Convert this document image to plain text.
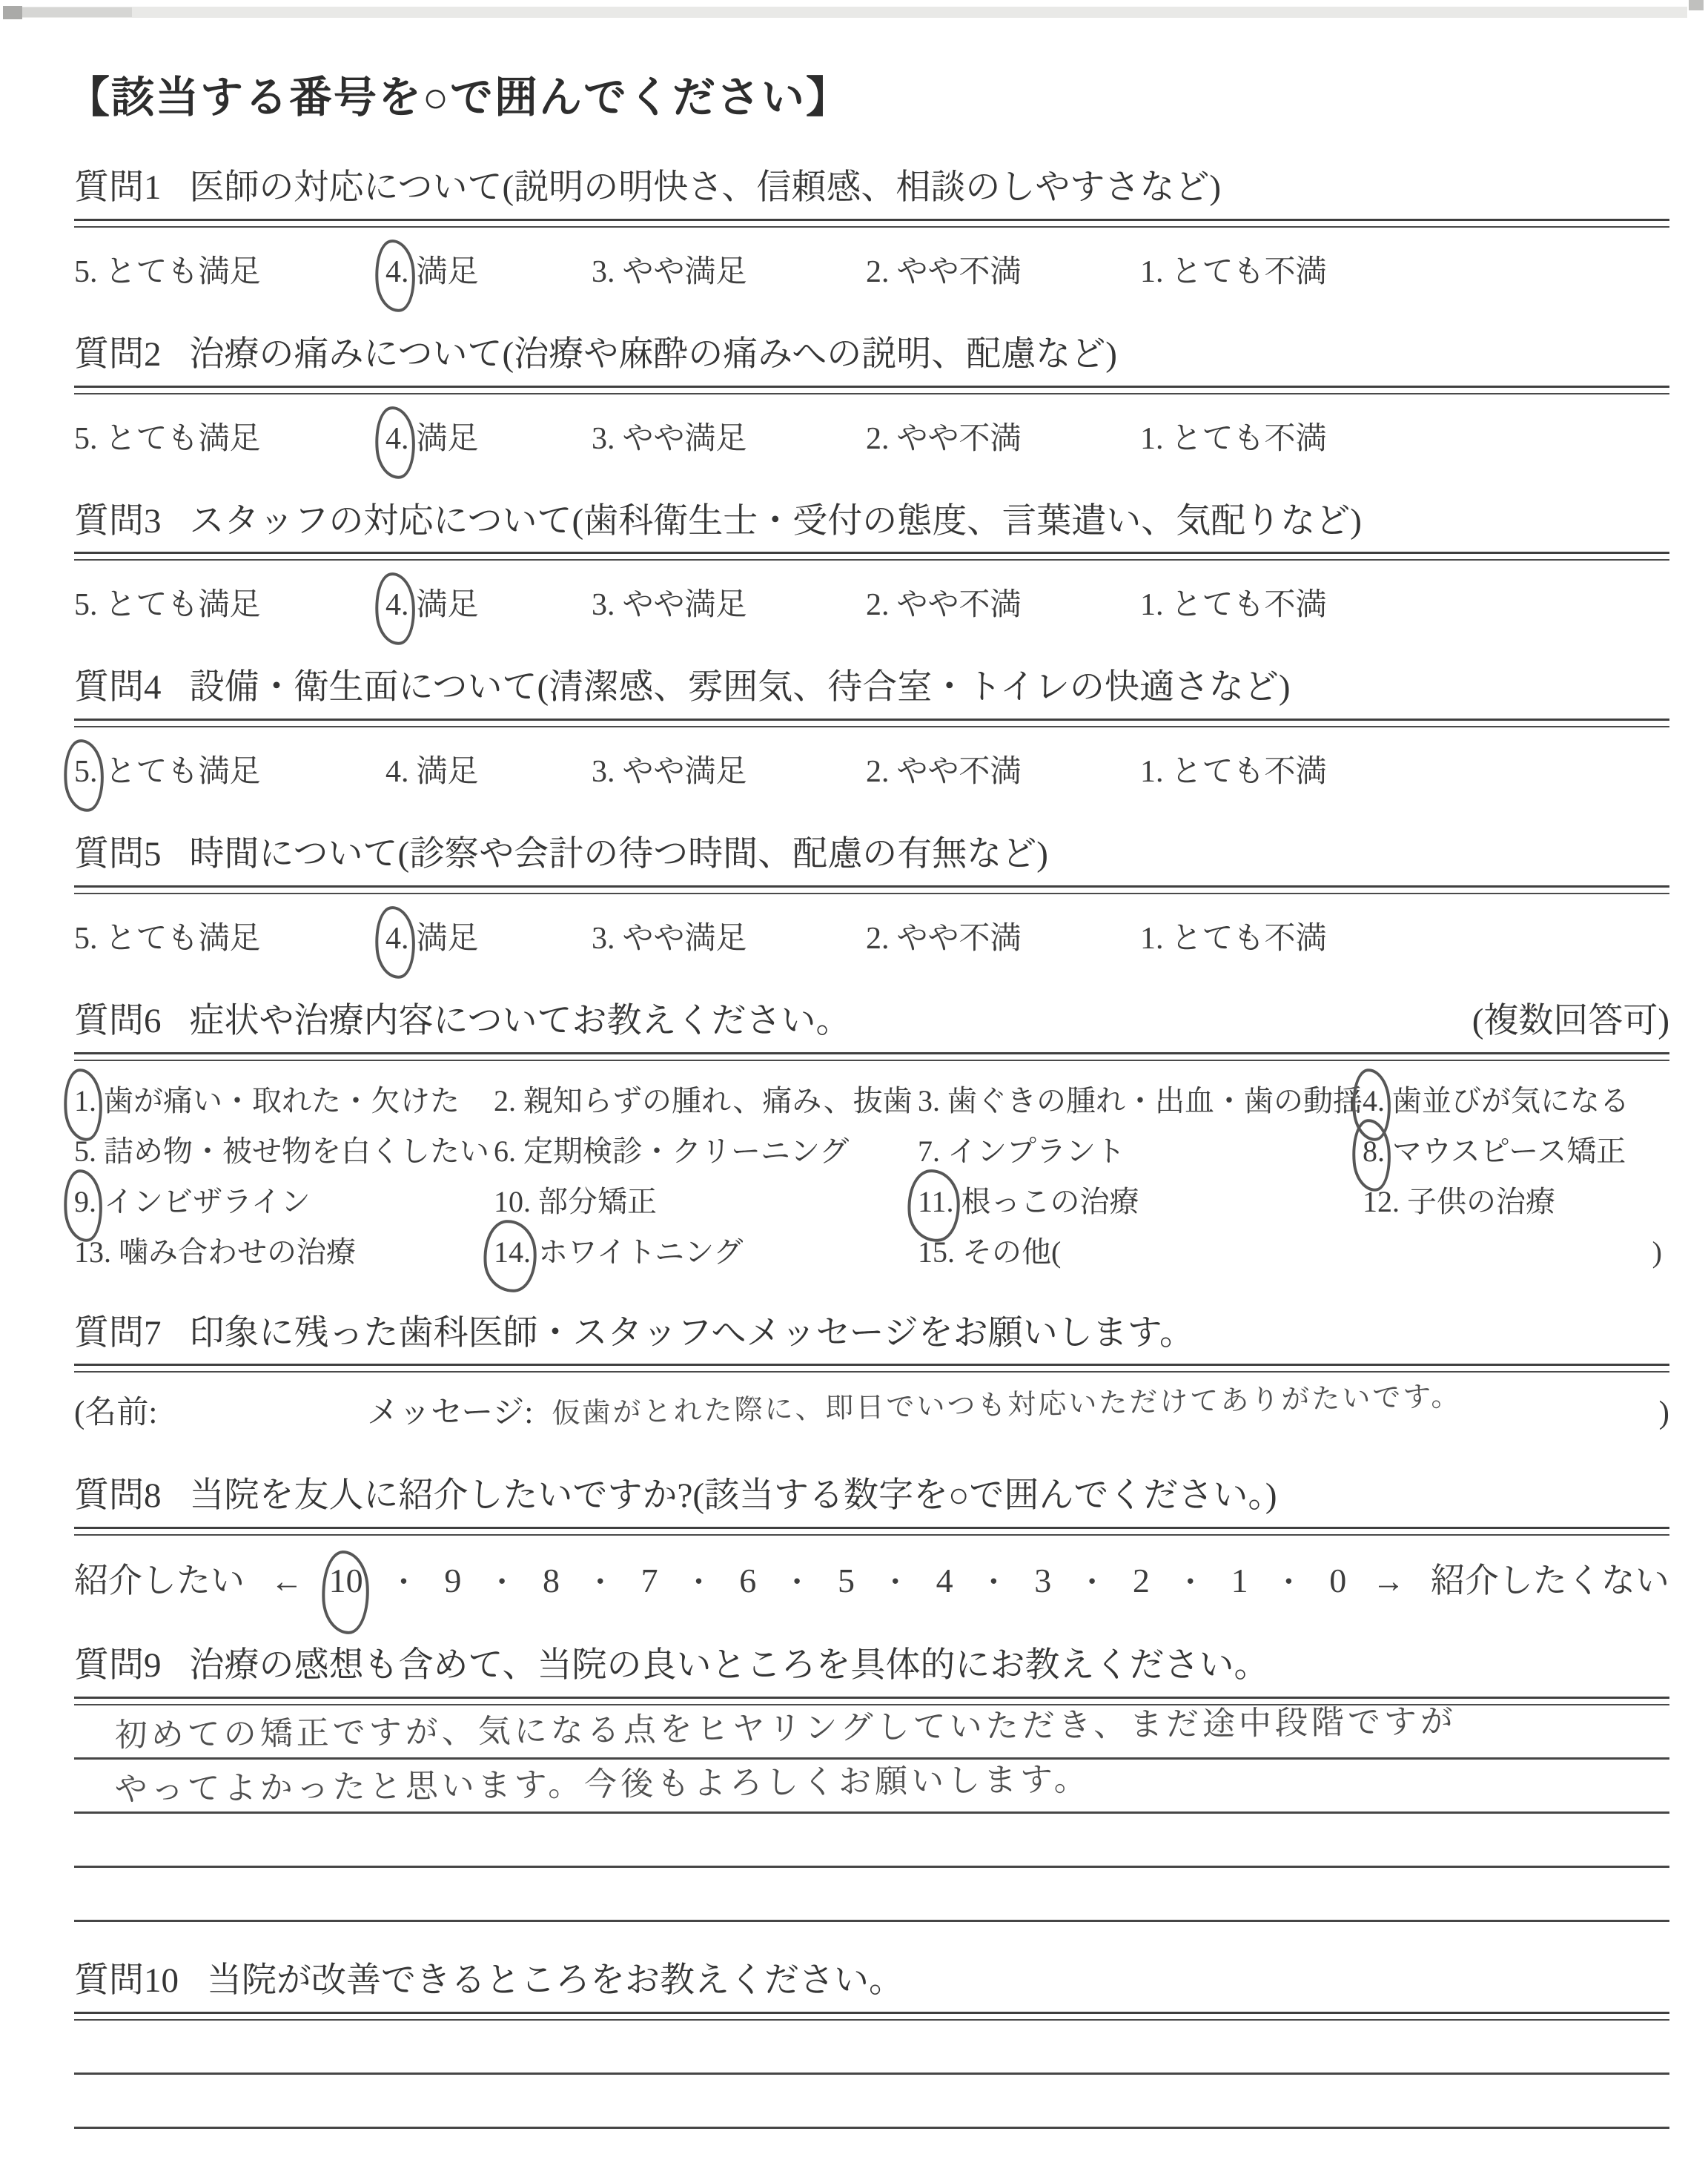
【該当する番号を○で囲んでください】
質問1 医師の対応について(説明の明快さ、信頼感、相談のしやすさなど)
5. とても満足	4. 満足	3. やや満足	2. やや不満	1. とても不満
質問2 治療の痛みについて(治療や麻酔の痛みへの説明、配慮など)
5. とても満足	4. 満足	3. やや満足	2. やや不満	1. とても不満
質問3 スタッフの対応について(歯科衛生士・受付の態度、言葉遣い、気配りなど)
5. とても満足	4. 満足	3. やや満足	2. やや不満	1. とても不満
質問4 設備・衛生面について(清潔感、雰囲気、待合室・トイレの快適さなど)
5. とても満足	4. 満足	3. やや満足	2. やや不満	1. とても不満
質問5 時間について(診察や会計の待つ時間、配慮の有無など)
5. とても満足	4. 満足	3. やや満足	2. やや不満	1. とても不満
質問6 症状や治療内容についてお教えください。	(複数回答可)
1. 歯が痛い・取れた・欠けた 2. 親知らずの腫れ、痛み、抜歯 3. 歯ぐきの腫れ・出血・歯の動揺 4. 歯並びが気になる
5. 詰め物・被せ物を白くしたい 6. 定期検診・クリーニング 7. インプラント	8. マウスピース矯正
9. インビザライン	10. 部分矯正	11. 根っこの治療	12. 子供の治療
13. 噛み合わせの治療	14. ホワイトニング	15. その他(	)
質問7 印象に残った歯科医師・スタッフへメッセージをお願いします。
(名前:	メッセージ: 仮歯がとれた際に、即日でいつも対応いただけてありがたいです。	)
質問8 当院を友人に紹介したいですか?(該当する数字を○で囲んでください。)
紹介したい ← 10 ・ 9 ・ 8 ・ 7 ・ 6 ・ 5 ・ 4 ・ 3 ・ 2 ・ 1 ・ 0 → 紹介したくない
質問9 治療の感想も含めて、当院の良いところを具体的にお教えください。
初めての矯正ですが、気になる点をヒヤリングしていただき、まだ途中段階ですが
やってよかったと思います。今後もよろしくお願いします。
質問10 当院が改善できるところをお教えください。
